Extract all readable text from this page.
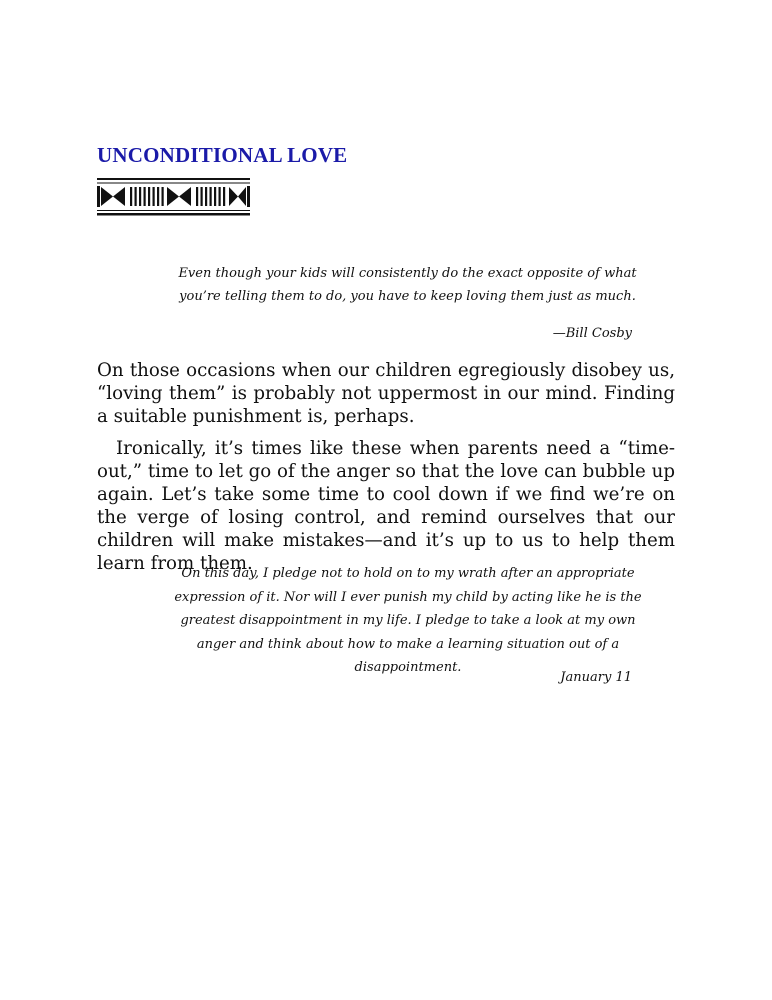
UNCONDITIONAL LOVE

Even though your kids will consistently do the exact opposite of what you’re telling them to do, you have to keep loving them just as much.

—Bill Cosby

On those occasions when our children egregiously disobey us, “loving them” is probably not uppermost in our mind. Finding a suitable punishment is, perhaps.

Ironically, it’s times like these when parents need a “time-out,” time to let go of the anger so that the love can bubble up again. Let’s take some time to cool down if we find we’re on the verge of losing control, and remind ourselves that our children will make mistakes—and it’s up to us to help them learn from them.

On this day, I pledge not to hold on to my wrath after an appropriate expression of it. Nor will I ever punish my child by acting like he is the greatest disappointment in my life. I pledge to take a look at my own anger and think about how to make a learning situation out of a disappointment.

January 11
